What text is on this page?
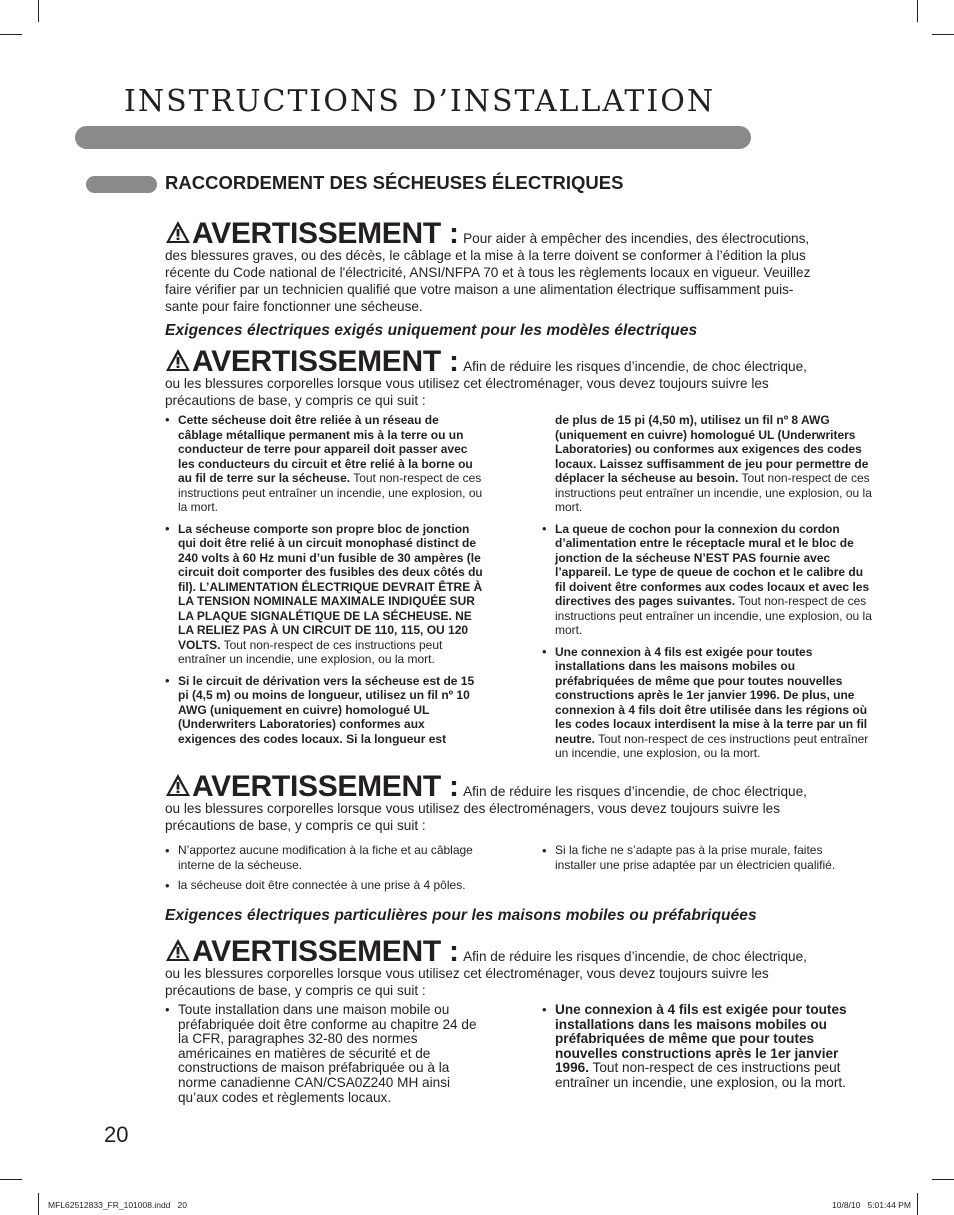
INSTRUCTIONS D’INSTALLATION
RACCORDEMENT DES SÉCHEUSES ÉLECTRIQUES
AVERTISSEMENT : Pour aider à empêcher des incendies, des électrocutions,
des blessures graves, ou des décès, le câblage et la mise à la terre doivent se conformer à l’édition la plus
récente du Code national de l'électricité, ANSI/NFPA 70 et à tous les règlements locaux en vigueur. Veuillez
faire vérifier par un technicien qualifié que votre maison a une alimentation électrique suffisamment puis-
sante pour faire fonctionner une sécheuse.
Exigences électriques exigés uniquement pour les modèles électriques
AVERTISSEMENT : Afin de réduire les risques d’incendie, de choc électrique,
ou les blessures corporelles lorsque vous utilisez cet électroménager, vous devez toujours suivre les
précautions de base, y compris ce qui suit :
• Cette sécheuse doit être reliée à un réseau de câblage métallique permanent mis à la terre ou un conducteur de terre pour appareil doit passer avec les conducteurs du circuit et être relié à la borne ou au fil de terre sur la sécheuse. Tout non-respect de ces instructions peut entraîner un incendie, une explosion, ou la mort.
• La sécheuse comporte son propre bloc de jonction qui doit être relié à un circuit monophasé distinct de 240 volts à 60 Hz muni d’un fusible de 30 ampères (le circuit doit comporter des fusibles des deux côtés du fil). L’ALIMENTATION ÉLECTRIQUE DEVRAIT ÊTRE À LA TENSION NOMINALE MAXIMALE INDIQUÉE SUR LA PLAQUE SIGNALÉTIQUE DE LA SÉCHEUSE. NE LA RELIEZ PAS À UN CIRCUIT DE 110, 115, OU 120 VOLTS. Tout non-respect de ces instructions peut entraîner un incendie, une explosion, ou la mort.
• Si le circuit de dérivation vers la sécheuse est de 15 pi (4,5 m) ou moins de longueur, utilisez un fil nº 10 AWG (uniquement en cuivre) homologué UL (Underwriters Laboratories) conformes aux exigences des codes locaux. Si la longueur est
de plus de 15 pi (4,50 m), utilisez un fil nº 8 AWG (uniquement en cuivre) homologué UL (Underwriters Laboratories) ou conformes aux exigences des codes locaux. Laissez suffisamment de jeu pour permettre de déplacer la sécheuse au besoin. Tout non-respect de ces instructions peut entraîner un incendie, une explosion, ou la mort.
• La queue de cochon pour la connexion du cordon d’alimentation entre le réceptacle mural et le bloc de jonction de la sécheuse N’EST PAS fournie avec l’appareil. Le type de queue de cochon et le calibre du fil doivent être conformes aux codes locaux et avec les directives des pages suivantes. Tout non-respect de ces instructions peut entraîner un incendie, une explosion, ou la mort.
• Une connexion à 4 fils est exigée pour toutes installations dans les maisons mobiles ou préfabriquées de même que pour toutes nouvelles constructions après le 1er janvier 1996. De plus, une connexion à 4 fils doit être utilisée dans les régions où les codes locaux interdisent la mise à la terre par un fil neutre. Tout non-respect de ces instructions peut entraîner un incendie, une explosion, ou la mort.
AVERTISSEMENT : Afin de réduire les risques d’incendie, de choc électrique,
ou les blessures corporelles lorsque vous utilisez des électroménagers, vous devez toujours suivre les
précautions de base, y compris ce qui suit :
• N’apportez aucune modification à la fiche et au câblage interne de la sécheuse.
• la sécheuse doit être connectée à une prise à 4 pôles.
• Si la fiche ne s’adapte pas à la prise murale, faites installer une prise adaptée par un électricien qualifié.
Exigences électriques particulières pour les maisons mobiles ou préfabriquées
AVERTISSEMENT : Afin de réduire les risques d’incendie, de choc électrique,
ou les blessures corporelles lorsque vous utilisez cet électroménager, vous devez toujours suivre les
précautions de base, y compris ce qui suit :
• Toute installation dans une maison mobile ou préfabriquée doit être conforme au chapitre 24 de la CFR, paragraphes 32-80 des normes américaines en matières de sécurité et de constructions de maison préfabriquée ou à la norme canadienne CAN/CSA0Z240 MH ainsi qu’aux codes et règlements locaux.
• Une connexion à 4 fils est exigée pour toutes installations dans les maisons mobiles ou préfabriquées de même que pour toutes nouvelles constructions après le 1er janvier 1996. Tout non-respect de ces instructions peut entraîner un incendie, une explosion, ou la mort.
20
MFL62512833_FR_101008.indd   20	10/8/10   5:01:44 PM
